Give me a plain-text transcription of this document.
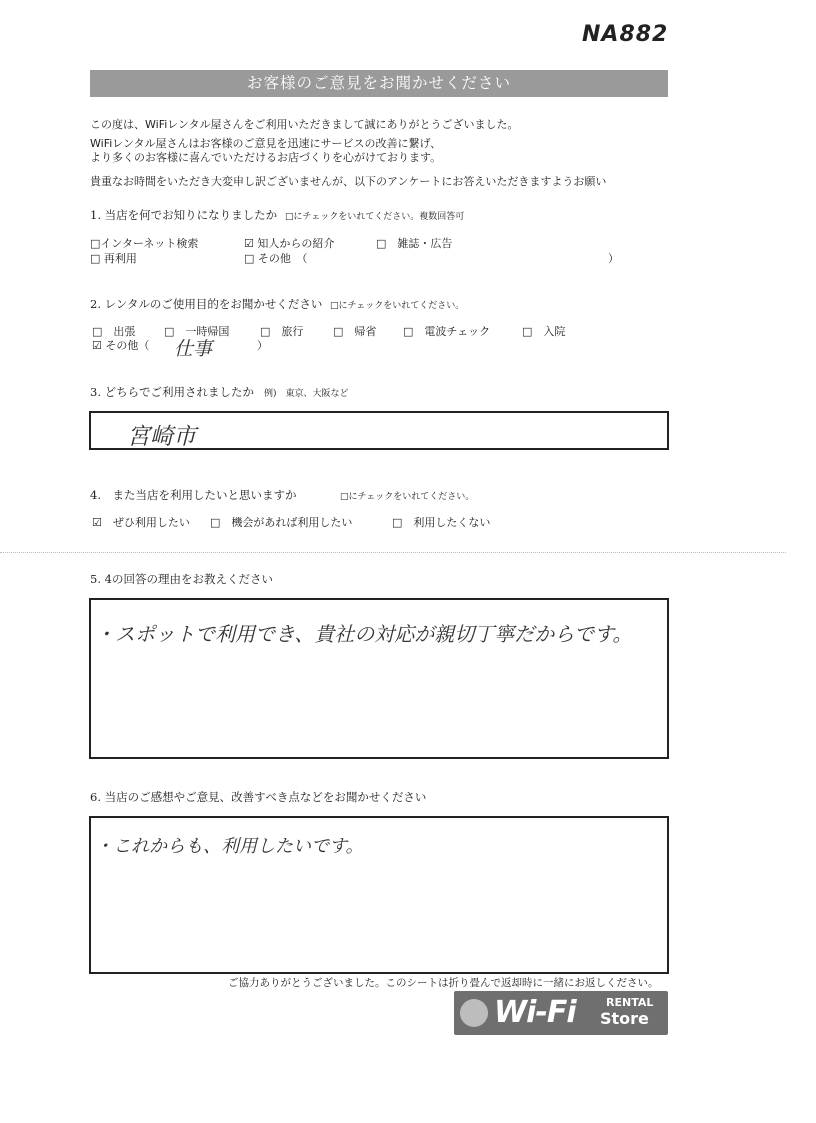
NA882
お客様のご意見をお聞かせください
この度は、WiFiレンタル屋さんをご利用いただきまして誠にありがとうございました。
WiFiレンタル屋さんはお客様のご意見を迅速にサービスの改善に繋げ、
より多くのお客様に喜んでいただけるお店づくりを心がけております。
貴重なお時間をいただき大変申し訳ございませんが、以下のアンケートにお答えいただきますようお願い
1. 当店を何でお知りになりましたか □にチェックをいれてください。複数回答可
□インターネット検索	☑ 知人からの紹介	□　雑誌・広告
□ 再利用	□ その他　（	）
2. レンタルのご使用目的をお聞かせください □にチェックをいれてください。
□　出張	□　一時帰国	□　旅行	□　帰省 □　電波チェック	□　入院
☑ その他（ 仕事	）
3. どちらでご利用されましたか 例)　東京、大阪など
宮崎市
4.　また当店を利用したいと思いますか	□にチェックをいれてください。
☑　ぜひ利用したい □　機会があれば利用したい	□　利用したくない
5. 4の回答の理由をお教えください
・スポットで利用でき、貴社の対応が親切丁寧だからです。
6. 当店のご感想やご意見、改善すべき点などをお聞かせください
・これからも、利用したいです。
ご協力ありがとうございました。このシートは折り畳んで返却時に一緒にお返しください。
Wi-Fi	RENTAL
Store
